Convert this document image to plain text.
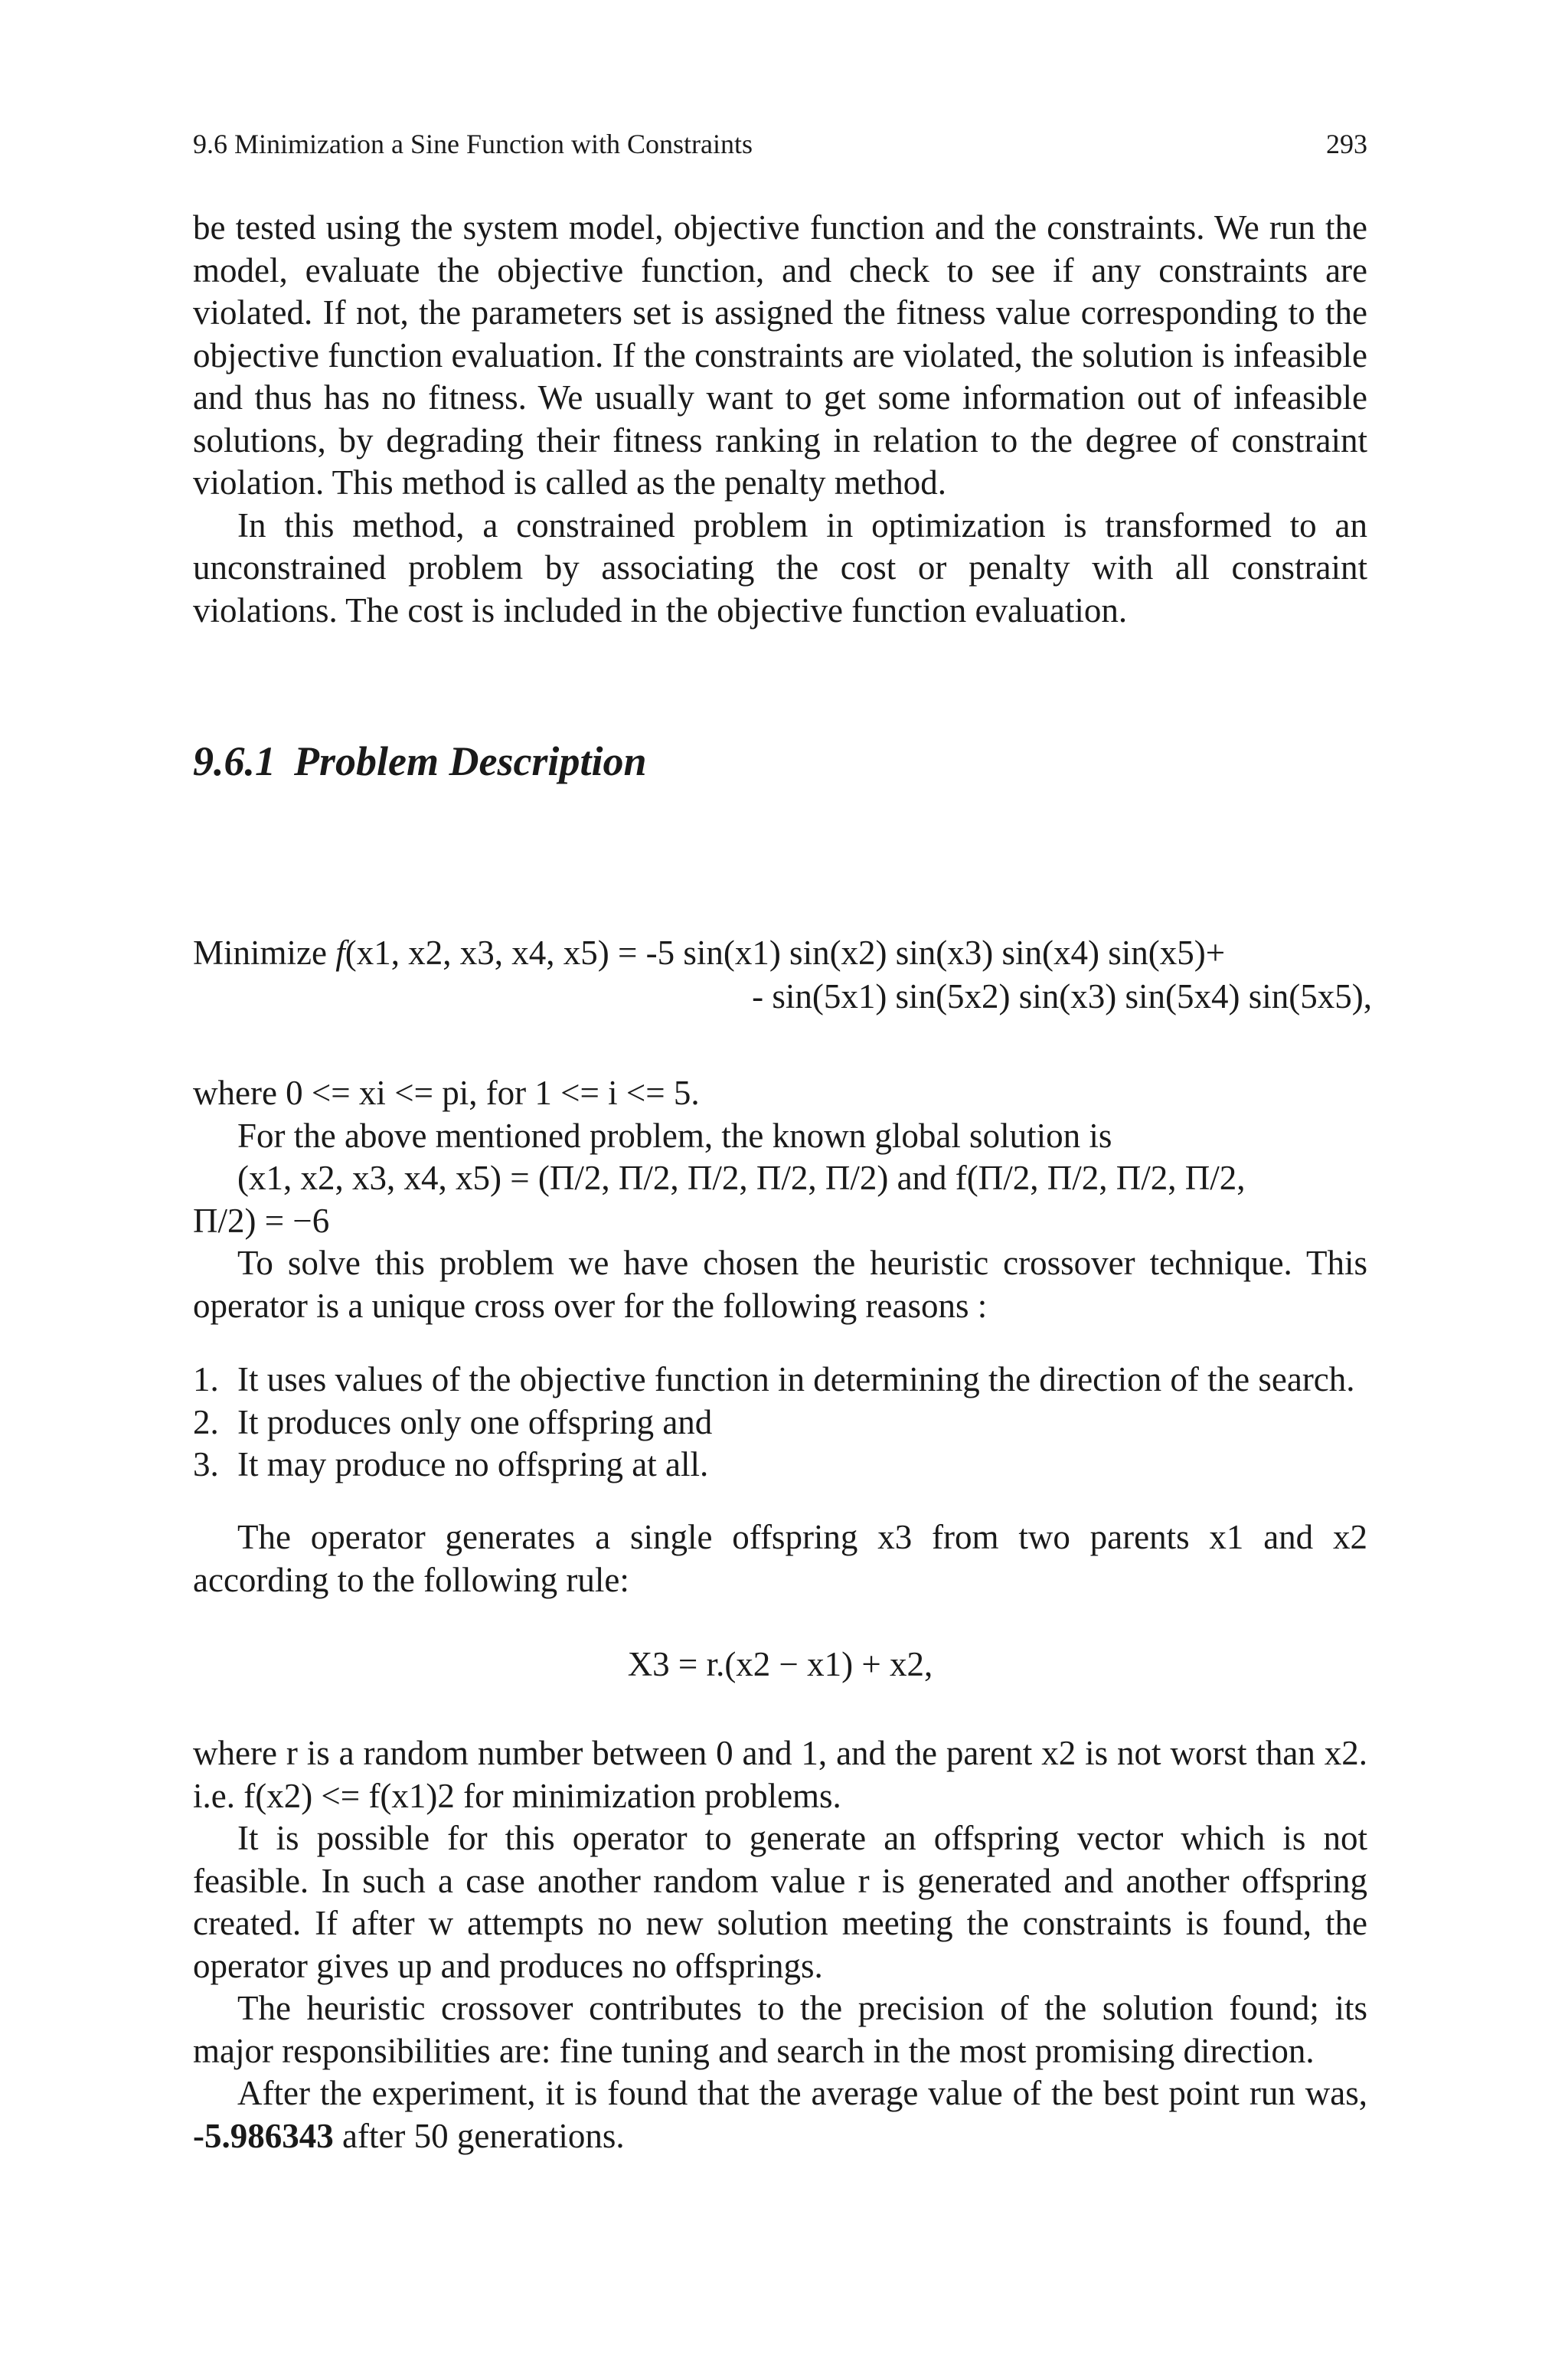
9.6 Minimization a Sine Function with Constraints	293

be tested using the system model, objective function and the constraints. We run the model, evaluate the objective function, and check to see if any constraints are violated. If not, the parameters set is assigned the fitness value corresponding to the objective function evaluation. If the constraints are violated, the solution is infeasible and thus has no fitness. We usually want to get some information out of infeasible solutions, by degrading their fitness ranking in relation to the degree of constraint violation. This method is called as the penalty method.

In this method, a constrained problem in optimization is transformed to an unconstrained problem by associating the cost or penalty with all constraint violations. The cost is included in the objective function evaluation.

9.6.1 Problem Description
Minimize f(x1, x2, x3, x4, x5) = -5 sin(x1) sin(x2) sin(x3) sin(x4) sin(x5)+
- sin(5x1) sin(5x2) sin(x3) sin(5x4) sin(5x5),

where 0 <= xi <= pi, for 1 <= i <= 5.

For the above mentioned problem, the known global solution is

(x1, x2, x3, x4, x5) = (Π/2, Π/2, Π/2, Π/2, Π/2) and f(Π/2, Π/2, Π/2, Π/2,

Π/2) = −6

To solve this problem we have chosen the heuristic crossover technique. This operator is a unique cross over for the following reasons :

1. It uses values of the objective function in determining the direction of the search.
2. It produces only one offspring and
3. It may produce no offspring at all.

The operator generates a single offspring x3 from two parents x1 and x2 according to the following rule:

X3 = r.(x2 − x1) + x2,

where r is a random number between 0 and 1, and the parent x2 is not worst than x2. i.e. f(x2) <= f(x1)2 for minimization problems.

It is possible for this operator to generate an offspring vector which is not feasible. In such a case another random value r is generated and another offspring created. If after w attempts no new solution meeting the constraints is found, the operator gives up and produces no offsprings.

The heuristic crossover contributes to the precision of the solution found; its major responsibilities are: fine tuning and search in the most promising direction.

After the experiment, it is found that the average value of the best point run was, -5.986343 after 50 generations.
